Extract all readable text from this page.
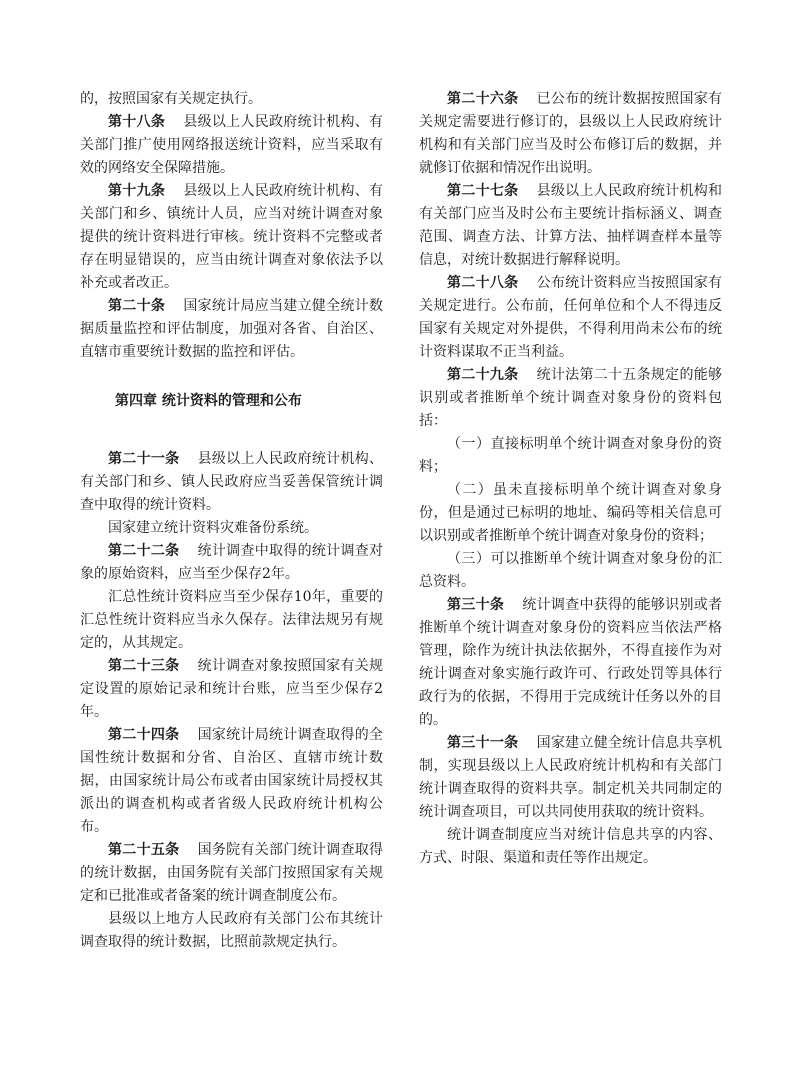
的，按照国家有关规定执行。

第十八条 县级以上人民政府统计机构、有关部门推广使用网络报送统计资料，应当采取有效的网络安全保障措施。

第十九条 县级以上人民政府统计机构、有关部门和乡、镇统计人员，应当对统计调查对象提供的统计资料进行审核。统计资料不完整或者存在明显错误的，应当由统计调查对象依法予以补充或者改正。

第二十条 国家统计局应当建立健全统计数据质量监控和评估制度，加强对各省、自治区、直辖市重要统计数据的监控和评估。

第四章 统计资料的管理和公布

第二十一条 县级以上人民政府统计机构、有关部门和乡、镇人民政府应当妥善保管统计调查中取得的统计资料。

国家建立统计资料灾难备份系统。

第二十二条 统计调查中取得的统计调查对象的原始资料，应当至少保存2年。

汇总性统计资料应当至少保存10年，重要的汇总性统计资料应当永久保存。法律法规另有规定的，从其规定。

第二十三条 统计调查对象按照国家有关规定设置的原始记录和统计台账，应当至少保存2年。

第二十四条 国家统计局统计调查取得的全国性统计数据和分省、自治区、直辖市统计数据，由国家统计局公布或者由国家统计局授权其派出的调查机构或者省级人民政府统计机构公布。

第二十五条 国务院有关部门统计调查取得的统计数据，由国务院有关部门按照国家有关规定和已批准或者备案的统计调查制度公布。

县级以上地方人民政府有关部门公布其统计调查取得的统计数据，比照前款规定执行。

第二十六条 已公布的统计数据按照国家有关规定需要进行修订的，县级以上人民政府统计机构和有关部门应当及时公布修订后的数据，并就修订依据和情况作出说明。

第二十七条 县级以上人民政府统计机构和有关部门应当及时公布主要统计指标涵义、调查范围、调查方法、计算方法、抽样调查样本量等信息，对统计数据进行解释说明。

第二十八条 公布统计资料应当按照国家有关规定进行。公布前，任何单位和个人不得违反国家有关规定对外提供，不得利用尚未公布的统计资料谋取不正当利益。

第二十九条 统计法第二十五条规定的能够识别或者推断单个统计调查对象身份的资料包括：

（一）直接标明单个统计调查对象身份的资料；

（二）虽未直接标明单个统计调查对象身份，但是通过已标明的地址、编码等相关信息可以识别或者推断单个统计调查对象身份的资料；

（三）可以推断单个统计调查对象身份的汇总资料。

第三十条 统计调查中获得的能够识别或者推断单个统计调查对象身份的资料应当依法严格管理，除作为统计执法依据外，不得直接作为对统计调查对象实施行政许可、行政处罚等具体行政行为的依据，不得用于完成统计任务以外的目的。

第三十一条 国家建立健全统计信息共享机制，实现县级以上人民政府统计机构和有关部门统计调查取得的资料共享。制定机关共同制定的统计调查项目，可以共同使用获取的统计资料。

统计调查制度应当对统计信息共享的内容、方式、时限、渠道和责任等作出规定。
